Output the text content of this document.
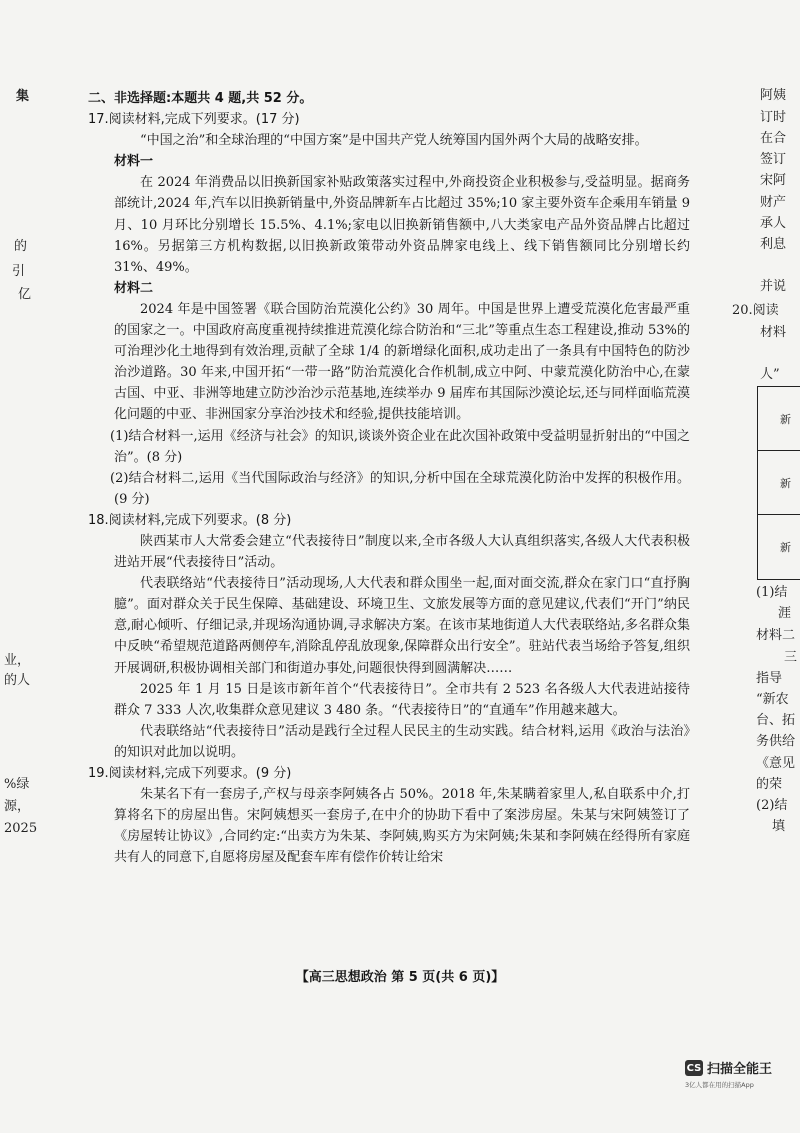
集
的
引
亿
业，
的人
%绿
源，
2025
阿姨
订时
在合
签订
宋阿
财产
承人
利息
并说
20.阅读
材料
人”
(1)结
涯
材料二
三
指导
“新农
台、拓
务供给
《意见
的荣
(2)结
填
新
新
新

二、非选择题:本题共 4 题,共 52 分。

17.阅读材料,完成下列要求。(17 分)

“中国之治”和全球治理的“中国方案”是中国共产党人统筹国内国外两个大局的战略安排。

材料一

在 2024 年消费品以旧换新国家补贴政策落实过程中,外商投资企业积极参与,受益明显。据商务部统计,2024 年,汽车以旧换新销量中,外资品牌新车占比超过 35%;10 家主要外资车企乘用车销量 9 月、10 月环比分别增长 15.5%、4.1%;家电以旧换新销售额中,八大类家电产品外资品牌占比超过 16%。另据第三方机构数据,以旧换新政策带动外资品牌家电线上、线下销售额同比分别增长约 31%、49%。

材料二

2024 年是中国签署《联合国防治荒漠化公约》30 周年。中国是世界上遭受荒漠化危害最严重的国家之一。中国政府高度重视持续推进荒漠化综合防治和“三北”等重点生态工程建设,推动 53%的可治理沙化土地得到有效治理,贡献了全球 1/4 的新增绿化面积,成功走出了一条具有中国特色的防沙治沙道路。30 年来,中国开拓“一带一路”防治荒漠化合作机制,成立中阿、中蒙荒漠化防治中心,在蒙古国、中亚、非洲等地建立防沙治沙示范基地,连续举办 9 届库布其国际沙漠论坛,还与同样面临荒漠化问题的中亚、非洲国家分享治沙技术和经验,提供技能培训。

(1)结合材料一,运用《经济与社会》的知识,谈谈外资企业在此次国补政策中受益明显折射出的“中国之治”。(8 分)

(2)结合材料二,运用《当代国际政治与经济》的知识,分析中国在全球荒漠化防治中发挥的积极作用。(9 分)

18.阅读材料,完成下列要求。(8 分)

陕西某市人大常委会建立“代表接待日”制度以来,全市各级人大认真组织落实,各级人大代表积极进站开展“代表接待日”活动。

代表联络站“代表接待日”活动现场,人大代表和群众围坐一起,面对面交流,群众在家门口“直抒胸臆”。面对群众关于民生保障、基础建设、环境卫生、文旅发展等方面的意见建议,代表们“开门”纳民意,耐心倾听、仔细记录,并现场沟通协调,寻求解决方案。在该市某地街道人大代表联络站,多名群众集中反映“希望规范道路两侧停车,消除乱停乱放现象,保障群众出行安全”。驻站代表当场给予答复,组织开展调研,积极协调相关部门和街道办事处,问题很快得到圆满解决……

2025 年 1 月 15 日是该市新年首个“代表接待日”。全市共有 2 523 名各级人大代表进站接待群众 7 333 人次,收集群众意见建议 3 480 条。“代表接待日”的“直通车”作用越来越大。

代表联络站“代表接待日”活动是践行全过程人民民主的生动实践。结合材料,运用《政治与法治》的知识对此加以说明。

19.阅读材料,完成下列要求。(9 分)

朱某名下有一套房子,产权与母亲李阿姨各占 50%。2018 年,朱某瞒着家里人,私自联系中介,打算将名下的房屋出售。宋阿姨想买一套房子,在中介的协助下看中了案涉房屋。朱某与宋阿姨签订了《房屋转让协议》,合同约定:“出卖方为朱某、李阿姨,购买方为宋阿姨;朱某和李阿姨在经得所有家庭共有人的同意下,自愿将房屋及配套车库有偿作价转让给宋

【高三思想政治 第 5 页(共 6 页)】
CS 扫描全能王
3亿人都在用的扫描App
